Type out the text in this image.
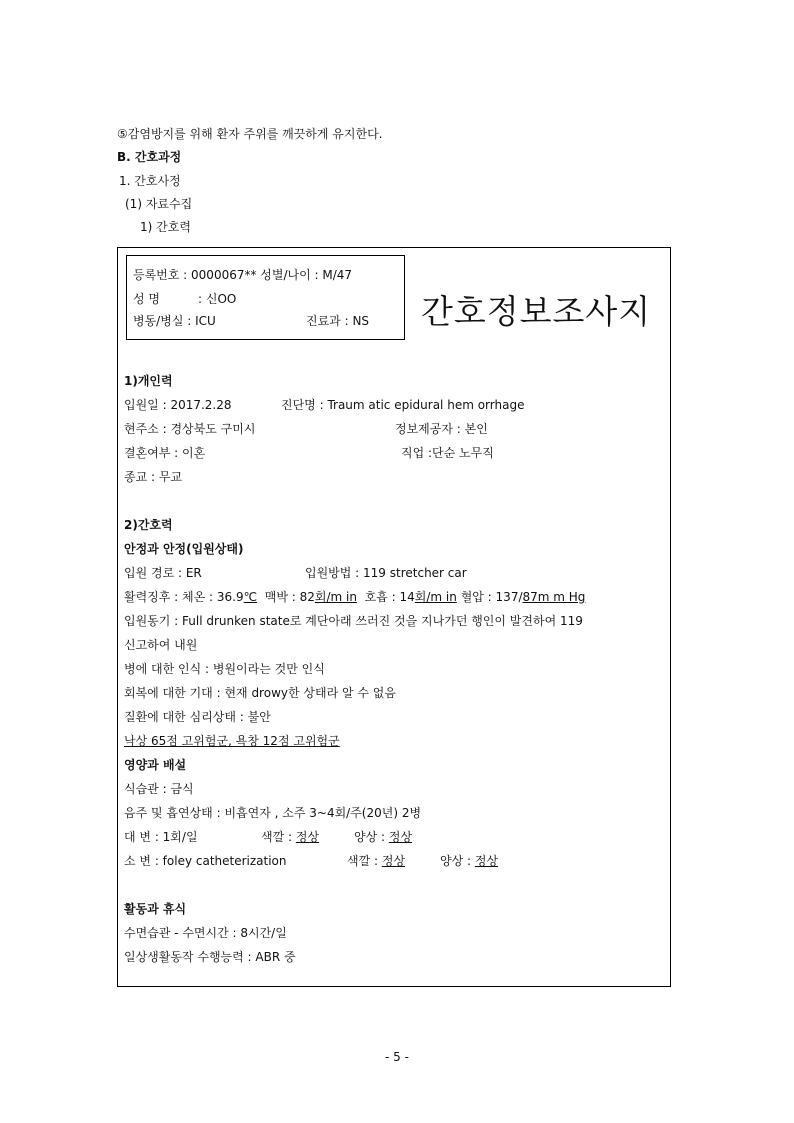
⑤감염방지를 위해 환자 주위를 깨끗하게 유지한다.
B. 간호과정
1. 간호사정
(1) 자료수집
1) 간호력
등록번호 : 0000067** 성별/나이 : M/47
성 명	: 신OO
병동/병실 : ICU	진료과 : NS 간호정보조사지
1)개인력
입원일 : 2017.2.28	진단명 : Traum atic epidural hem orrhage
현주소 : 경상북도 구미시	정보제공자 : 본인
결혼여부 : 이혼	직업 :단순 노무직
종교 : 무교
2)간호력
안정과 안정(입원상태)
입원 경로 : ER	입원방법 : 119 stretcher car
활력징후 : 체온 : 36.9℃ 맥박 : 82회/m in 호흡 : 14회/m in 혈압 : 137/87m m Hg
입원동기 : Full drunken state로 계단아래 쓰러진 것을 지나가던 행인이 발견하여 119
신고하여 내원
병에 대한 인식 : 병원이라는 것만 인식
회복에 대한 기대 : 현재 drowy한 상태라 알 수 없음
질환에 대한 심리상태 : 불안
낙상 65점 고위험군, 욕창 12점 고위험군
영양과 배설
식습관 : 금식
음주 및 흡연상태 : 비흡연자 , 소주 3~4회/주(20년) 2병
대 변 : 1회/일	색깔 : 정상	양상 : 정상
소 변 : foley catheterization	색깔 : 정상	양상 : 정상
활동과 휴식
수면습관 - 수면시간 : 8시간/일
일상생활동작 수행능력 : ABR 중
- 5 -
